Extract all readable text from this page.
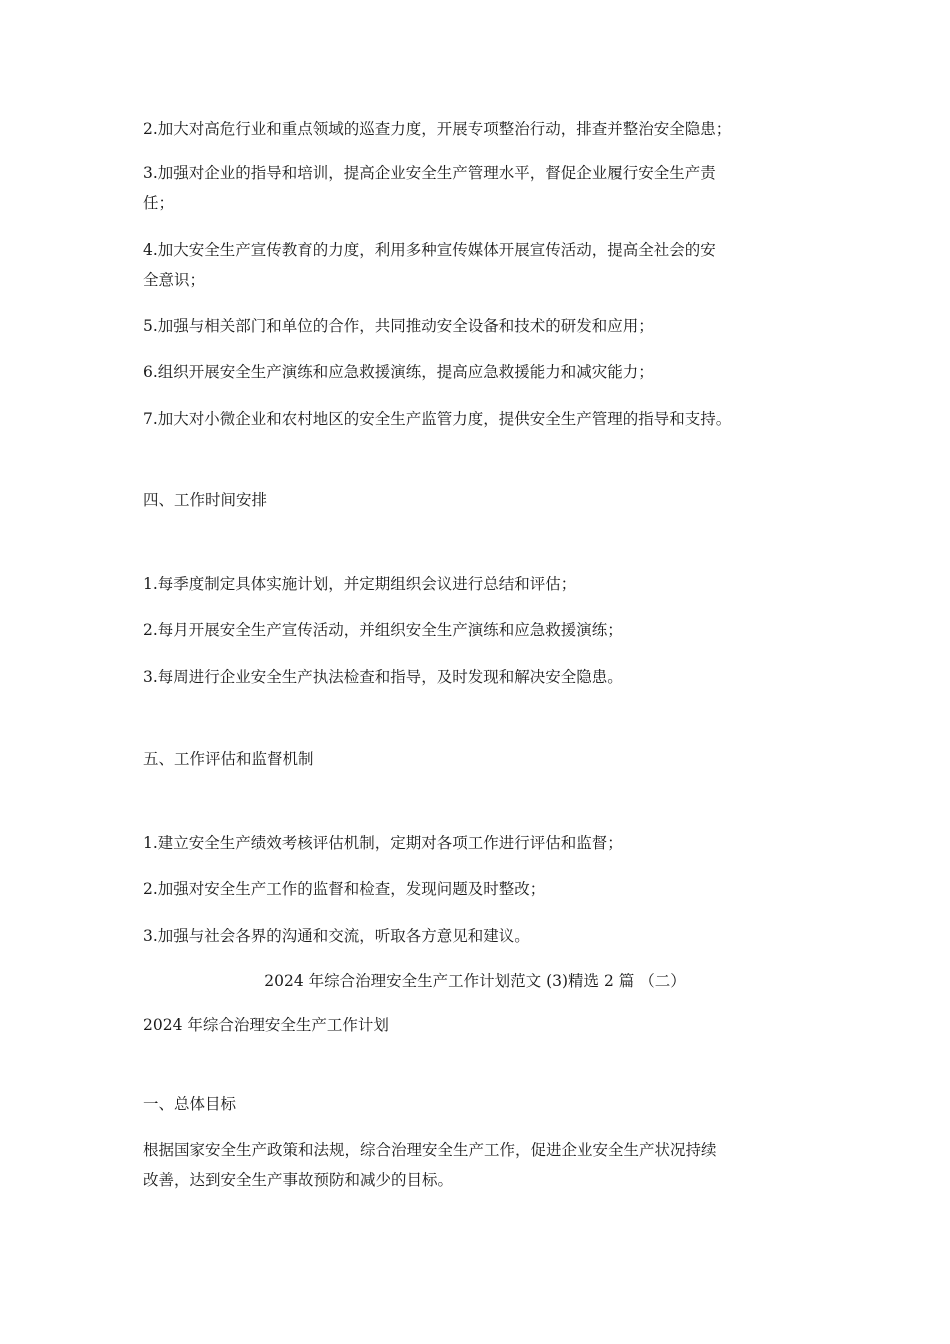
2.加大对高危行业和重点领域的巡查力度，开展专项整治行动，排查并整治安全隐患；
3.加强对企业的指导和培训，提高企业安全生产管理水平，督促企业履行安全生产责
任；
4.加大安全生产宣传教育的力度，利用多种宣传媒体开展宣传活动，提高全社会的安
全意识；
5.加强与相关部门和单位的合作，共同推动安全设备和技术的研发和应用；
6.组织开展安全生产演练和应急救援演练，提高应急救援能力和减灾能力；
7.加大对小微企业和农村地区的安全生产监管力度，提供安全生产管理的指导和支持。
四、工作时间安排
1.每季度制定具体实施计划，并定期组织会议进行总结和评估；
2.每月开展安全生产宣传活动，并组织安全生产演练和应急救援演练；
3.每周进行企业安全生产执法检查和指导，及时发现和解决安全隐患。
五、工作评估和监督机制
1.建立安全生产绩效考核评估机制，定期对各项工作进行评估和监督；
2.加强对安全生产工作的监督和检查，发现问题及时整改；
3.加强与社会各界的沟通和交流，听取各方意见和建议。
2024 年综合治理安全生产工作计划范文 (3)精选 2 篇 （二）
2024 年综合治理安全生产工作计划
一、总体目标
根据国家安全生产政策和法规，综合治理安全生产工作，促进企业安全生产状况持续
改善，达到安全生产事故预防和减少的目标。
